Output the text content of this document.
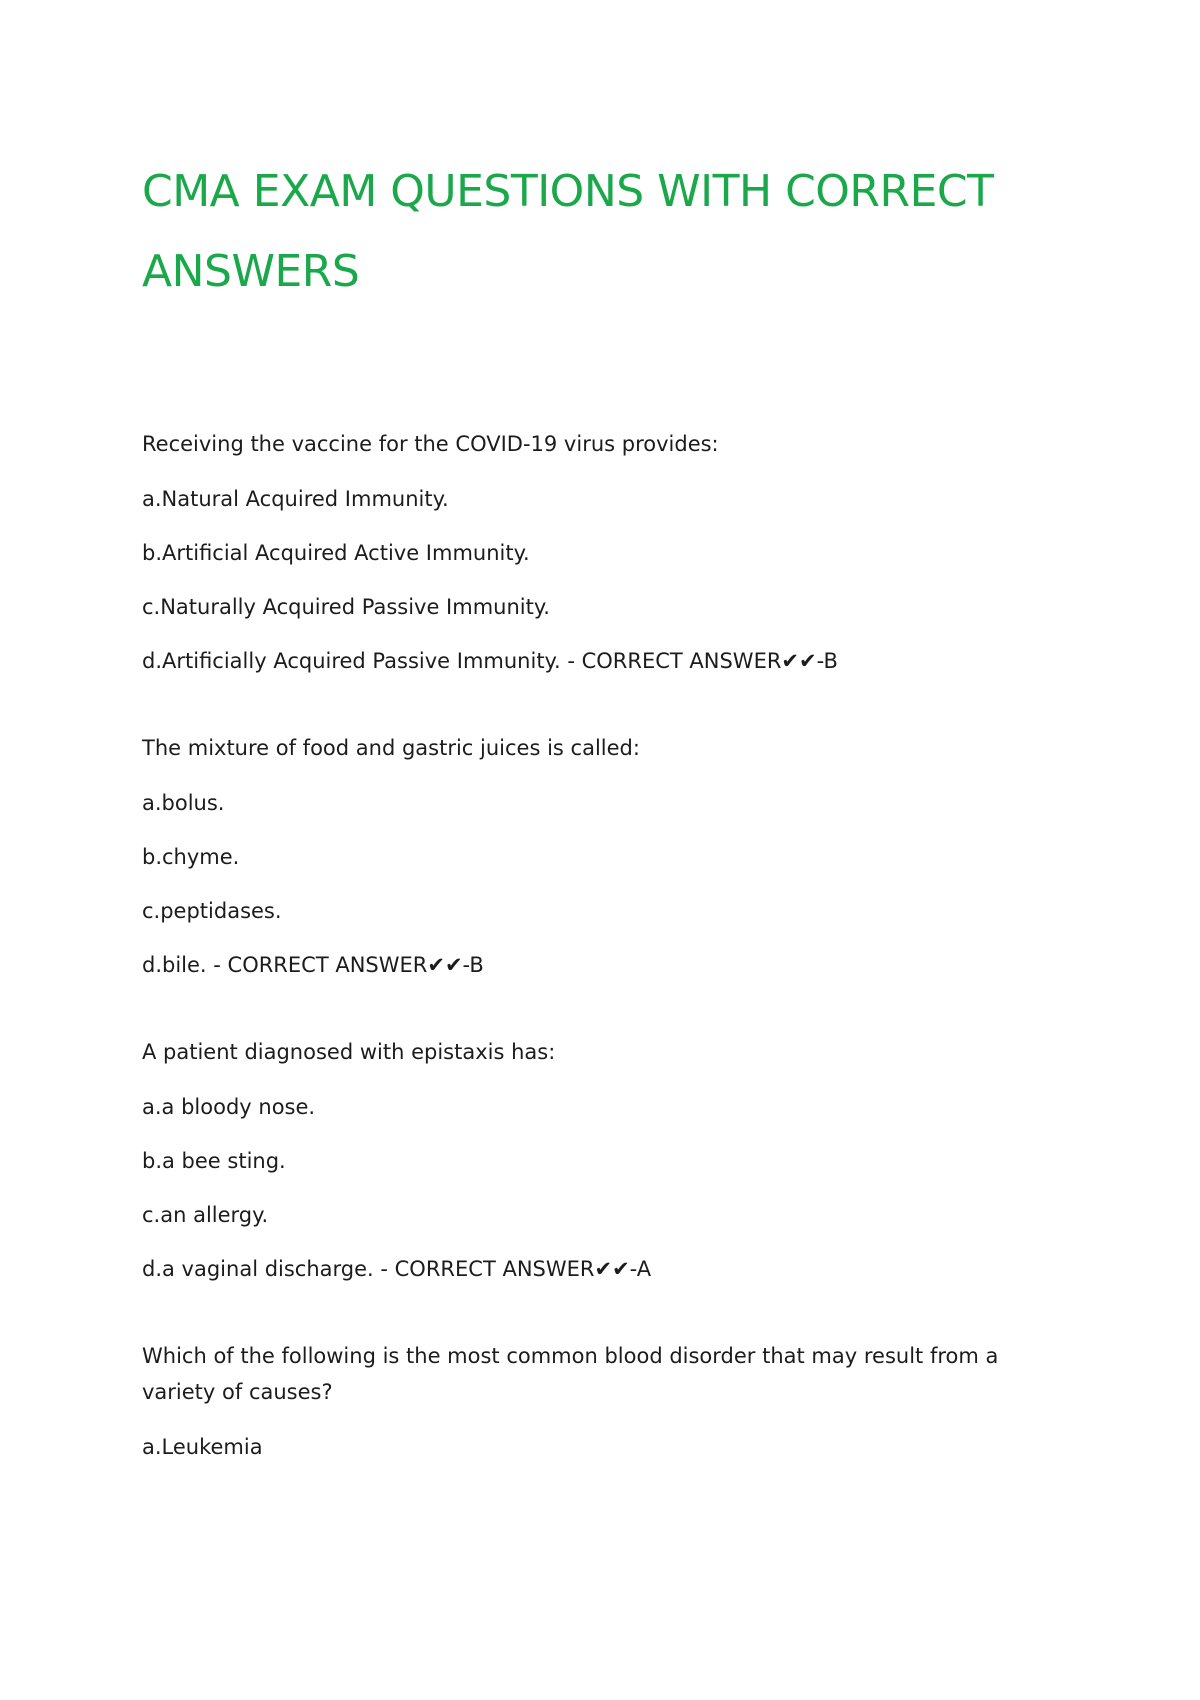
CMA EXAM QUESTIONS WITH CORRECT ANSWERS

Receiving the vaccine for the COVID-19 virus provides:

a.Natural Acquired Immunity.

b.Artificial Acquired Active Immunity.

c.Naturally Acquired Passive Immunity.

d.Artificially Acquired Passive Immunity. - CORRECT ANSWER✔✔-B

The mixture of food and gastric juices is called:

a.bolus.

b.chyme.

c.peptidases.

d.bile. - CORRECT ANSWER✔✔-B

A patient diagnosed with epistaxis has:

a.a bloody nose.

b.a bee sting.

c.an allergy.

d.a vaginal discharge. - CORRECT ANSWER✔✔-A

Which of the following is the most common blood disorder that may result from a variety of causes?

a.Leukemia
